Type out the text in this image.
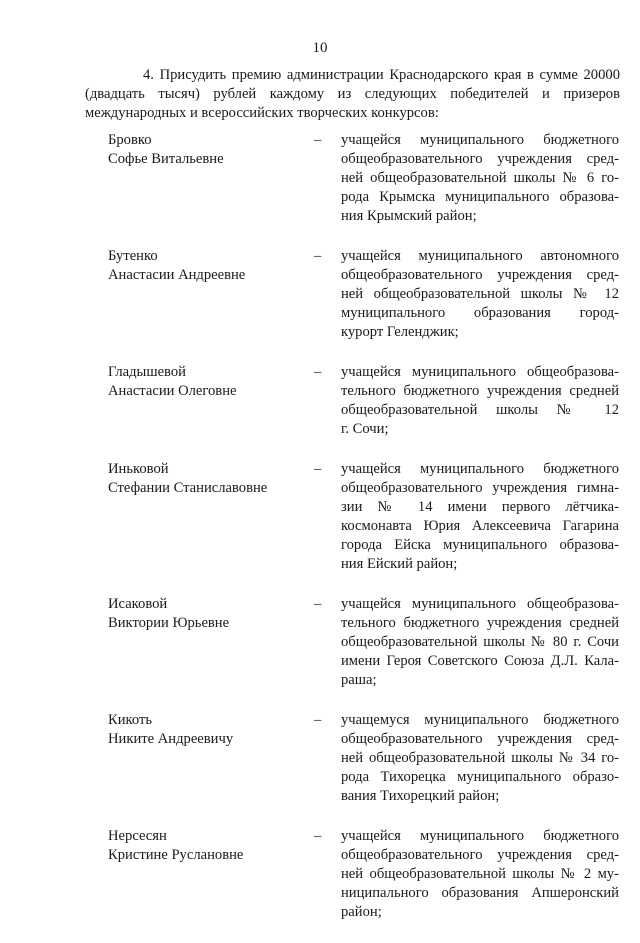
10
4. Присудить премию администрации Краснодарского края в сумме 20000 (двадцать тысяч) рублей каждому из следующих победителей и призеров международных и всероссийских творческих конкурсов:
Бровко
Софье Витальевне
–	учащейся муниципального бюджетного
общеобразовательного учреждения сред-
ней общеобразовательной школы № 6 го-
рода Крымска муниципального образова-
ния Крымский район;
Бутенко
Анастасии Андреевне
–	учащейся муниципального автономного
общеобразовательного учреждения сред-
ней общеобразовательной школы № 12
муниципального образования город-
курорт Геленджик;
Гладышевой
Анастасии Олеговне
–	учащейся муниципального общеобразова-
тельного бюджетного учреждения средней
общеобразовательной школы № 12
г. Сочи;
Иньковой
Стефании Станиславовне
–	учащейся муниципального бюджетного
общеобразовательного учреждения гимна-
зии № 14 имени первого лётчика-
космонавта Юрия Алексеевича Гагарина
города Ейска муниципального образова-
ния Ейский район;
Исаковой
Виктории Юрьевне
–	учащейся муниципального общеобразова-
тельного бюджетного учреждения средней
общеобразовательной школы № 80 г. Сочи
имени Героя Советского Союза Д.Л. Кала-
раша;
Кикоть
Никите Андреевичу
–	учащемуся муниципального бюджетного
общеобразовательного учреждения сред-
ней общеобразовательной школы № 34 го-
рода Тихорецка муниципального образо-
вания Тихорецкий район;
Нерсесян
Кристине Руслановне
–	учащейся муниципального бюджетного
общеобразовательного учреждения сред-
ней общеобразовательной школы № 2 му-
ниципального образования Апшеронский
район;
